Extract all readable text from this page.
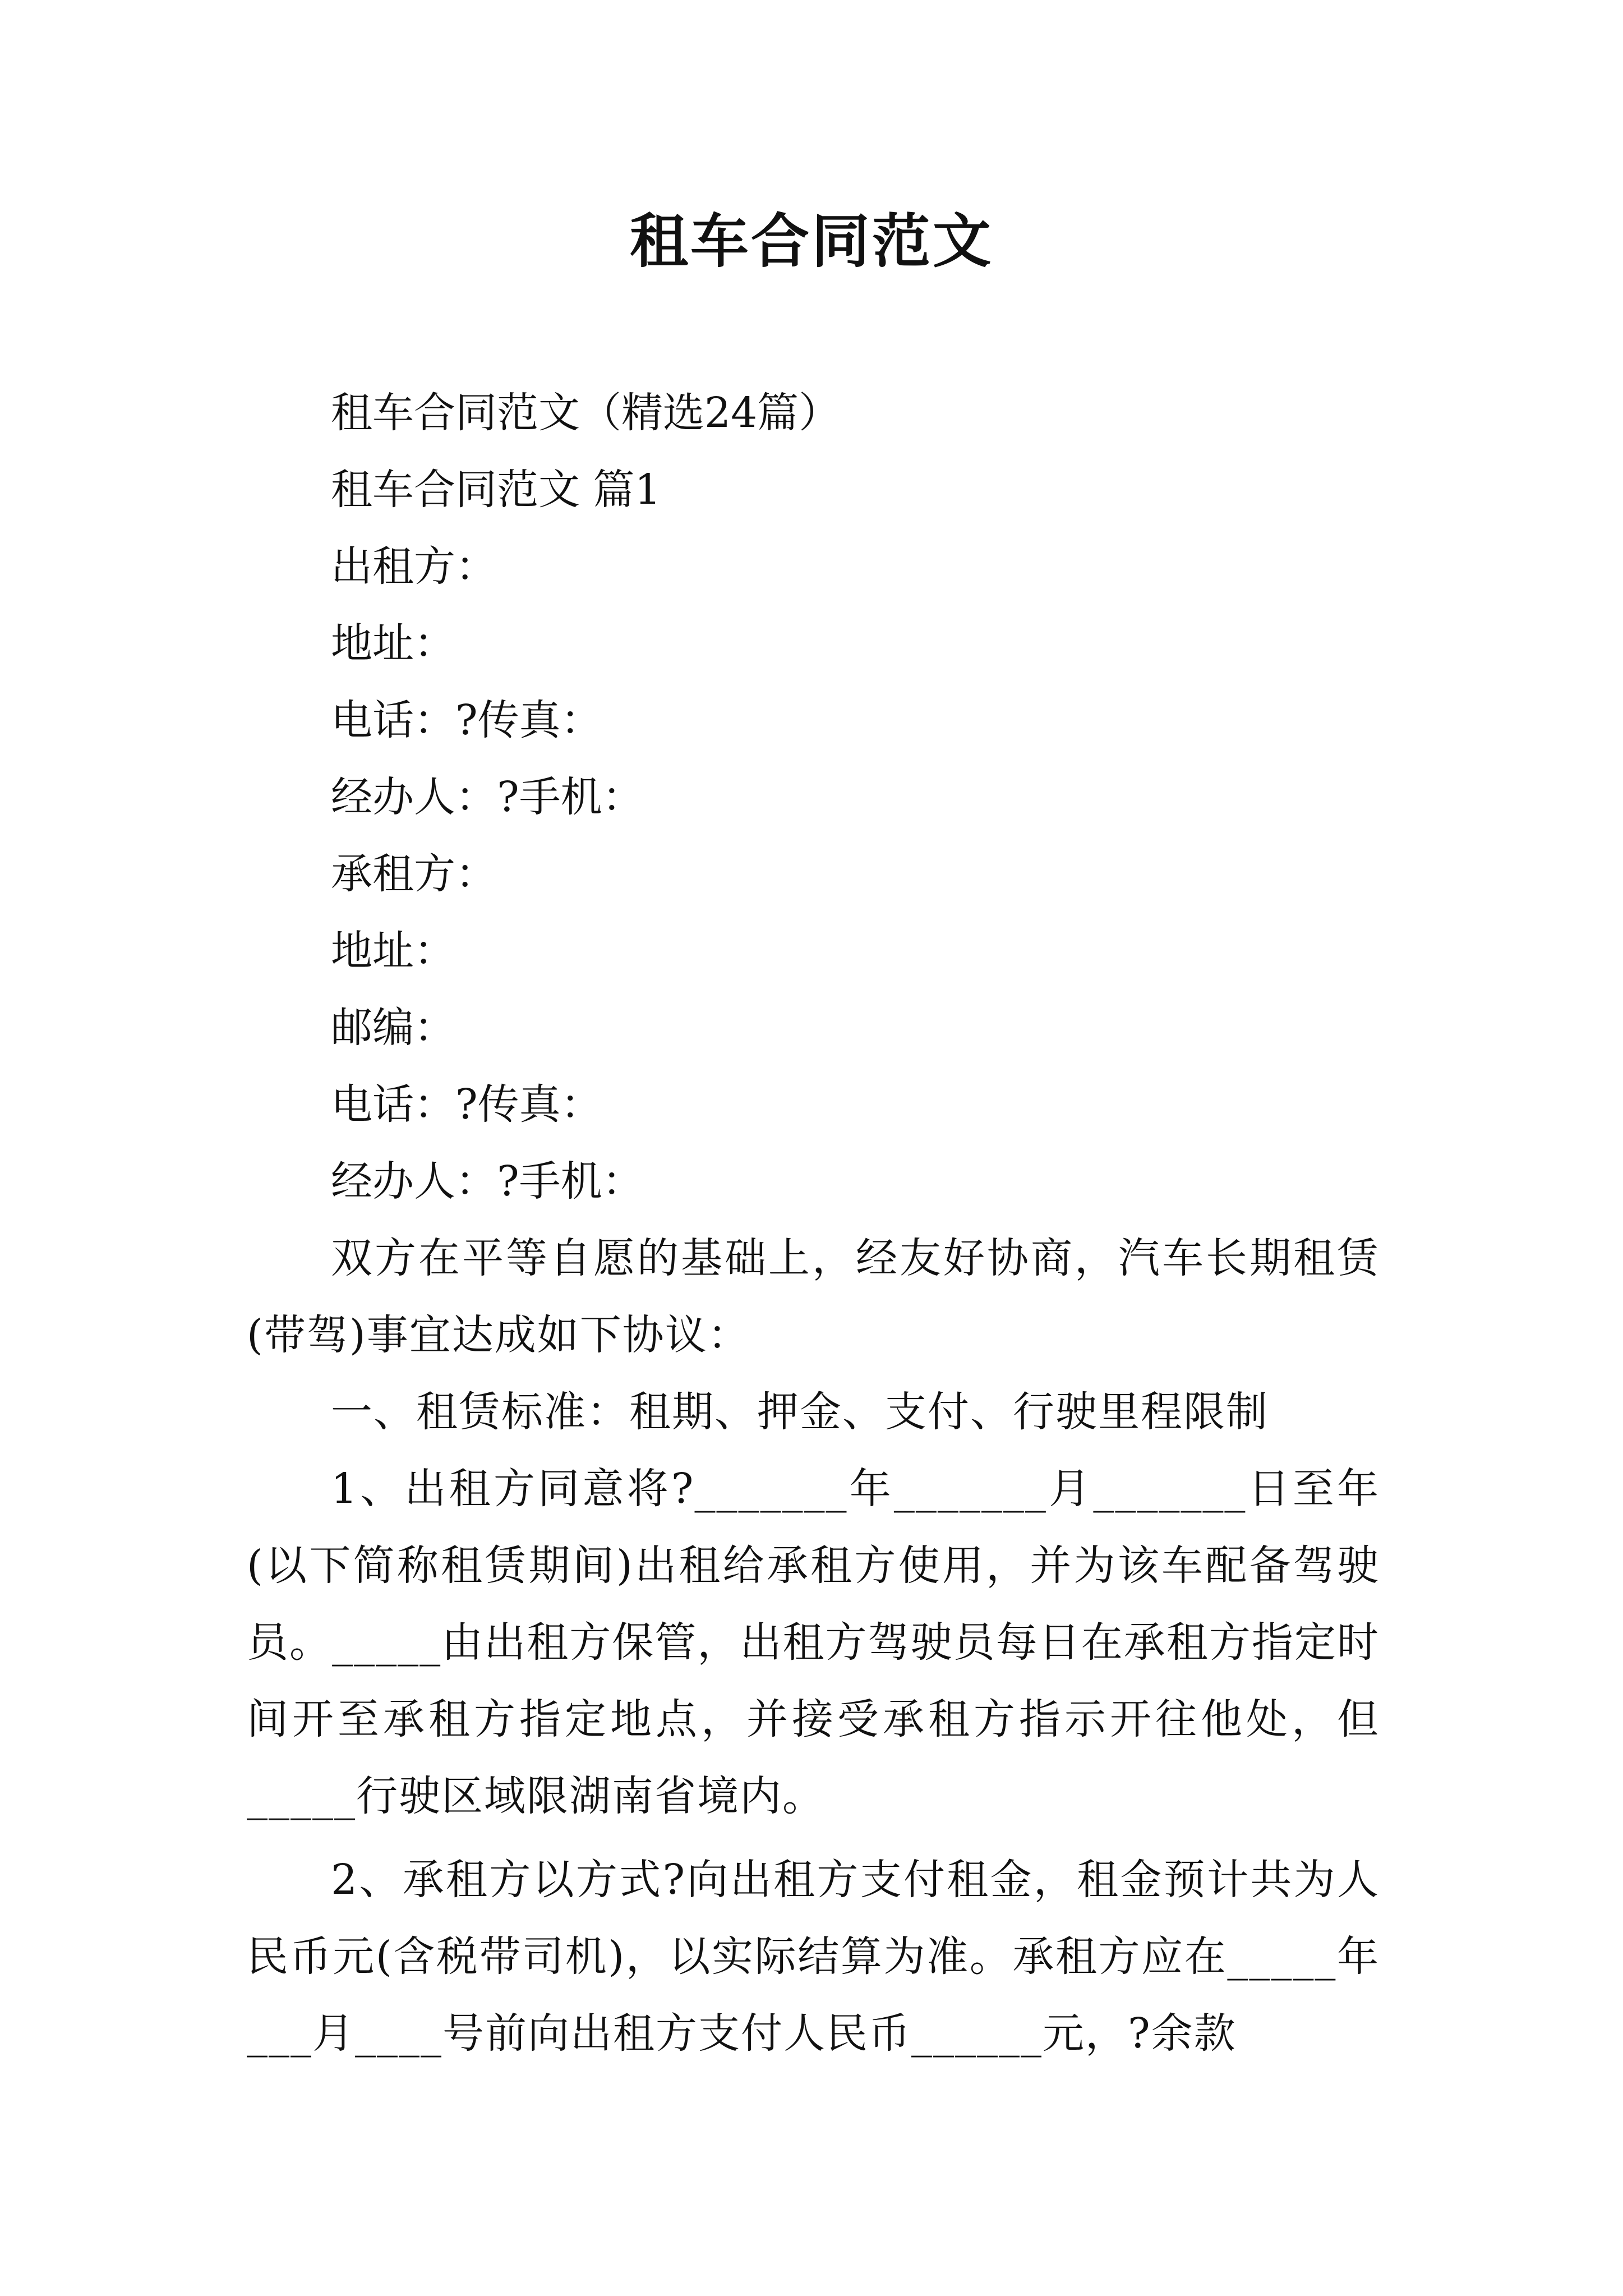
租车合同范文

租车合同范文（精选24篇）

租车合同范文 篇1

出租方：

地址：

电话：?传真：

经办人：?手机：

承租方：

地址：

邮编：

电话：?传真：

经办人：?手机：

双方在平等自愿的基础上，经友好协商，汽车长期租赁(带驾)事宜达成如下协议：

一、租赁标准：租期、押金、支付、行驶里程限制

1、出租方同意将?_______年_______月_______日至年(以下简称租赁期间)出租给承租方使用，并为该车配备驾驶员。_____由出租方保管，出租方驾驶员每日在承租方指定时间开至承租方指定地点，并接受承租方指示开往他处，但_____行驶区域限湖南省境内。

2、承租方以方式?向出租方支付租金，租金预计共为人民币元(含税带司机)，以实际结算为准。承租方应在_____年___月____号前向出租方支付人民币______元，?余款
